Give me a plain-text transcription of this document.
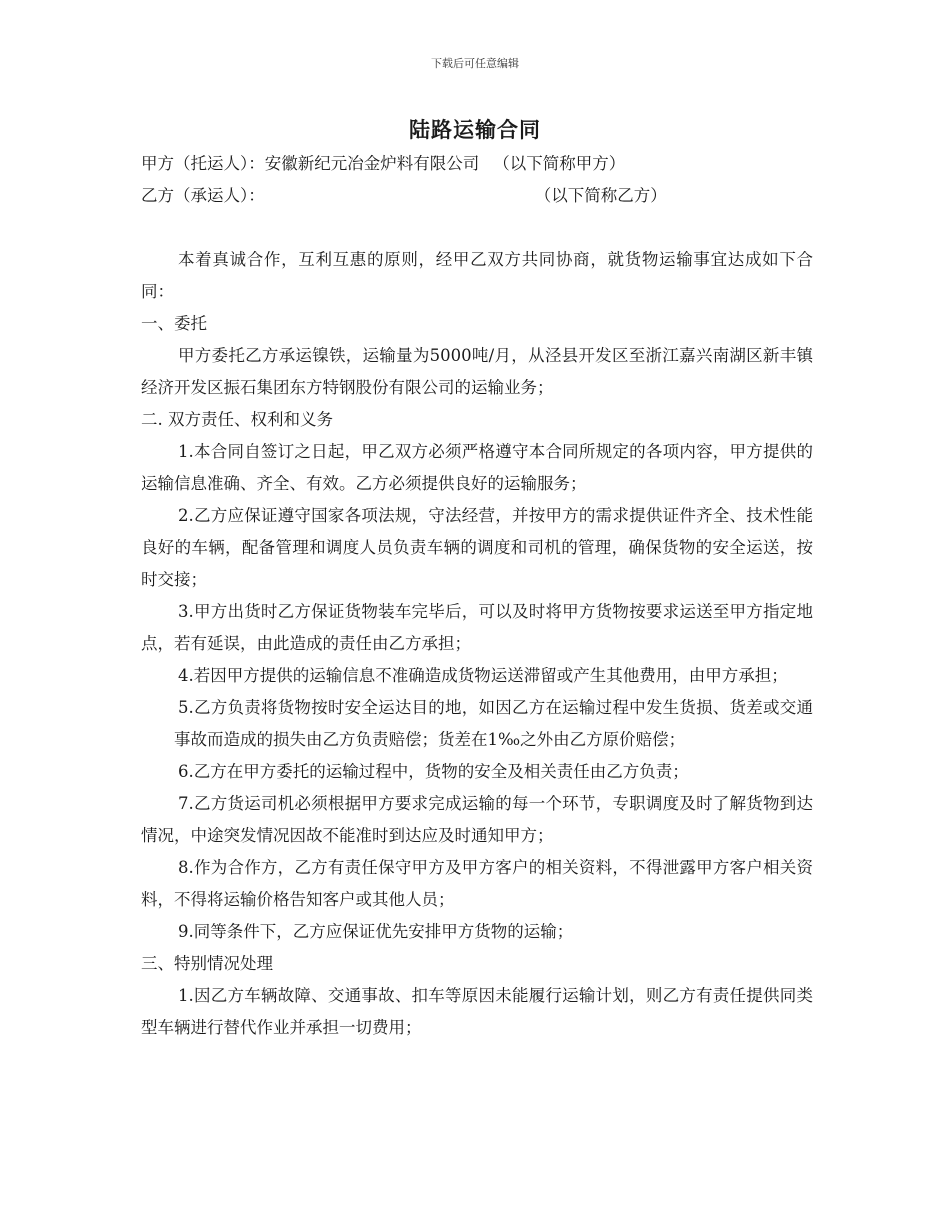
下载后可任意编辑
陆路运输合同
甲方（托运人）：安徽新纪元冶金炉料有限公司 （以下简称甲方）
乙方（承运人）：	（以下简称乙方）
本着真诚合作，互利互惠的原则，经甲乙双方共同协商，就货物运输事宜达成如下合同：
一、委托
甲方委托乙方承运镍铁，运输量为5000吨/月，从泾县开发区至浙江嘉兴南湖区新丰镇经济开发区振石集团东方特钢股份有限公司的运输业务；
二. 双方责任、权利和义务
1.本合同自签订之日起，甲乙双方必须严格遵守本合同所规定的各项内容，甲方提供的运输信息准确、齐全、有效。乙方必须提供良好的运输服务；
2.乙方应保证遵守国家各项法规，守法经营，并按甲方的需求提供证件齐全、技术性能良好的车辆，配备管理和调度人员负责车辆的调度和司机的管理，确保货物的安全运送，按时交接；
3.甲方出货时乙方保证货物装车完毕后，可以及时将甲方货物按要求运送至甲方指定地点，若有延误，由此造成的责任由乙方承担；
4.若因甲方提供的运输信息不准确造成货物运送滞留或产生其他费用，由甲方承担；
5.乙方负责将货物按时安全运达目的地，如因乙方在运输过程中发生货损、货差或交通事故而造成的损失由乙方负责赔偿；货差在1‰之外由乙方原价赔偿；
6.乙方在甲方委托的运输过程中，货物的安全及相关责任由乙方负责；
7.乙方货运司机必须根据甲方要求完成运输的每一个环节，专职调度及时了解货物到达情况，中途突发情况因故不能准时到达应及时通知甲方；
8.作为合作方，乙方有责任保守甲方及甲方客户的相关资料，不得泄露甲方客户相关资料，不得将运输价格告知客户或其他人员；
9.同等条件下，乙方应保证优先安排甲方货物的运输；
三、特别情况处理
1.因乙方车辆故障、交通事故、扣车等原因未能履行运输计划，则乙方有责任提供同类型车辆进行替代作业并承担一切费用；
